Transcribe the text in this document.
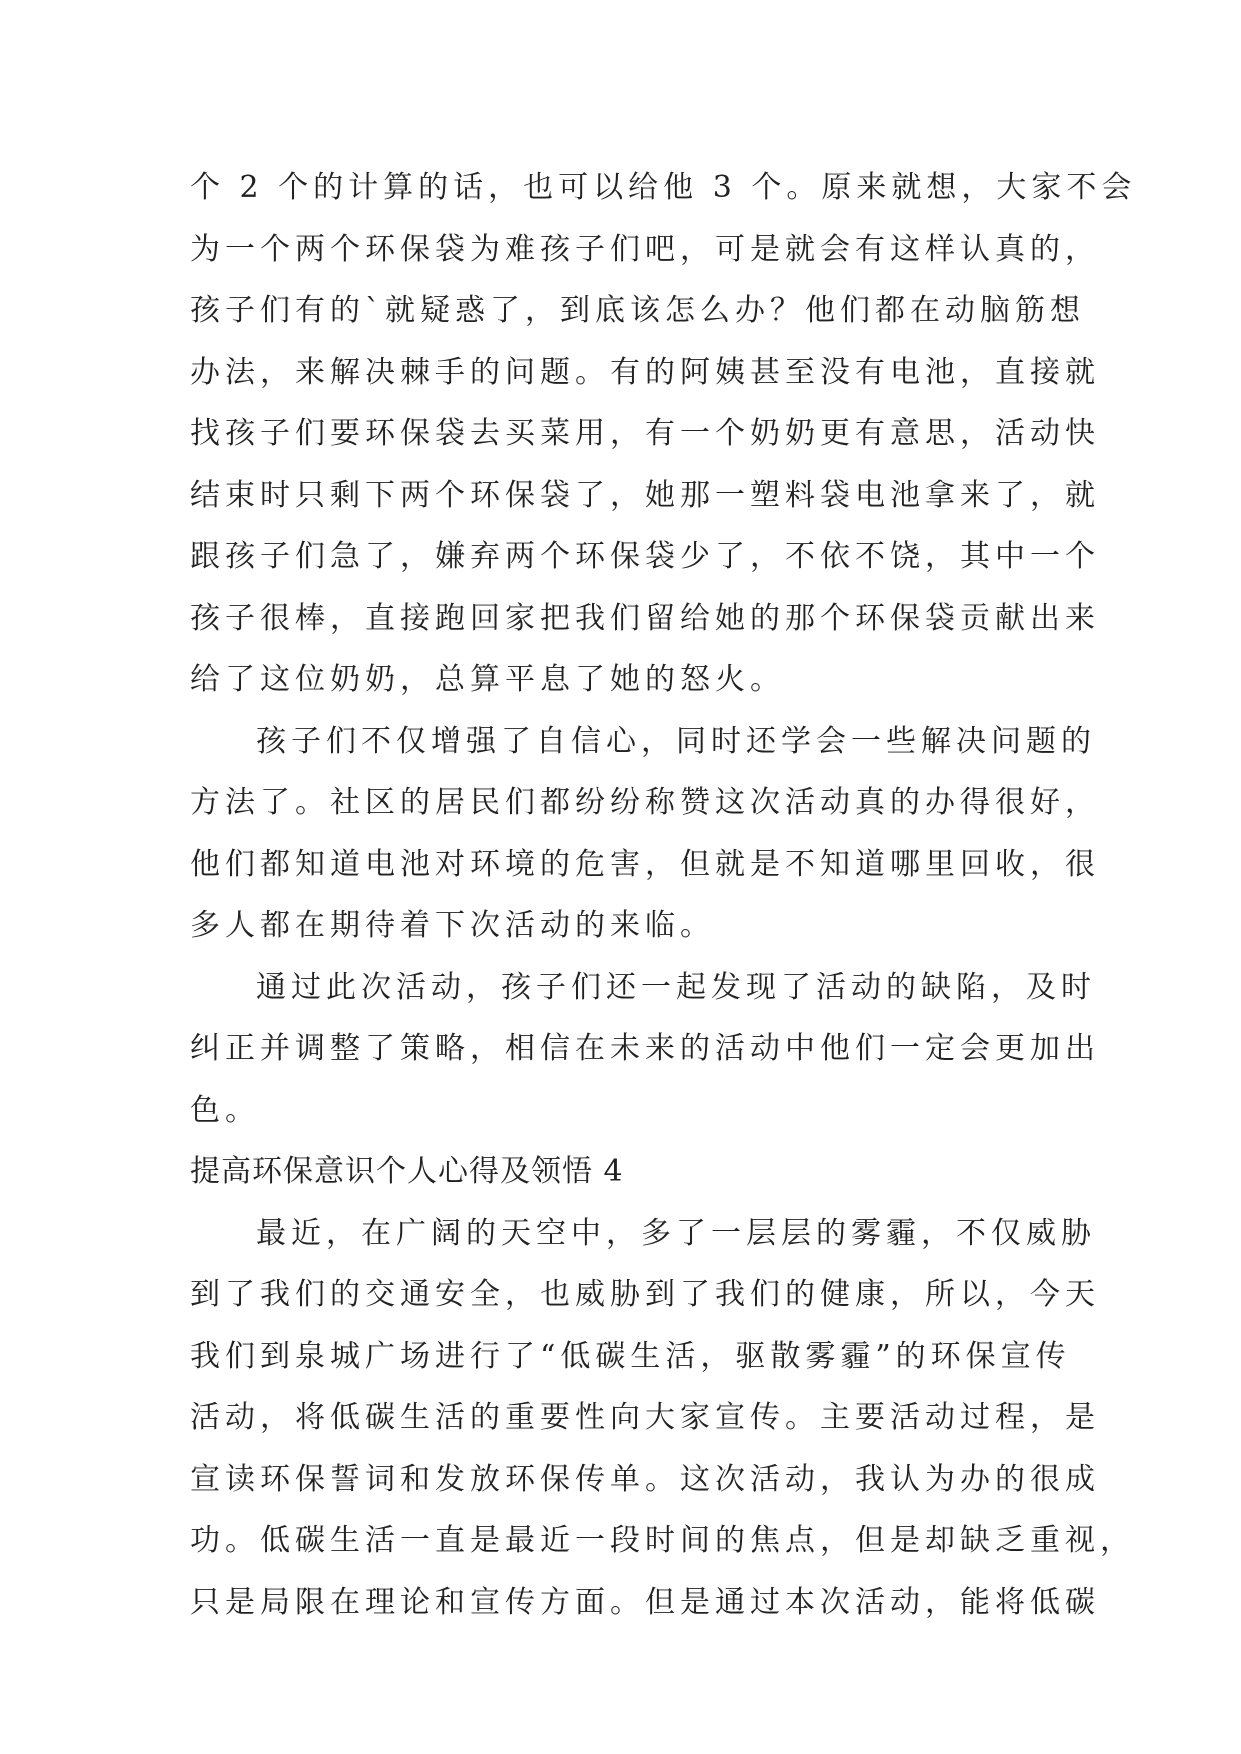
个 2 个的计算的话，也可以给他 3 个。原来就想，大家不会
为一个两个环保袋为难孩子们吧，可是就会有这样认真的，
孩子们有的`就疑惑了，到底该怎么办？他们都在动脑筋想
办法，来解决棘手的问题。有的阿姨甚至没有电池，直接就
找孩子们要环保袋去买菜用，有一个奶奶更有意思，活动快
结束时只剩下两个环保袋了，她那一塑料袋电池拿来了，就
跟孩子们急了，嫌弃两个环保袋少了，不依不饶，其中一个
孩子很棒，直接跑回家把我们留给她的那个环保袋贡献出来
给了这位奶奶，总算平息了她的怒火。
孩子们不仅增强了自信心，同时还学会一些解决问题的
方法了。社区的居民们都纷纷称赞这次活动真的办得很好，
他们都知道电池对环境的危害，但就是不知道哪里回收，很
多人都在期待着下次活动的来临。
通过此次活动，孩子们还一起发现了活动的缺陷，及时
纠正并调整了策略，相信在未来的活动中他们一定会更加出
色。
提高环保意识个人心得及领悟 4
最近，在广阔的天空中，多了一层层的雾霾，不仅威胁
到了我们的交通安全，也威胁到了我们的健康，所以，今天
我们到泉城广场进行了“低碳生活，驱散雾霾”的环保宣传
活动，将低碳生活的重要性向大家宣传。主要活动过程，是
宣读环保誓词和发放环保传单。这次活动，我认为办的很成
功。低碳生活一直是最近一段时间的焦点，但是却缺乏重视，
只是局限在理论和宣传方面。但是通过本次活动，能将低碳
